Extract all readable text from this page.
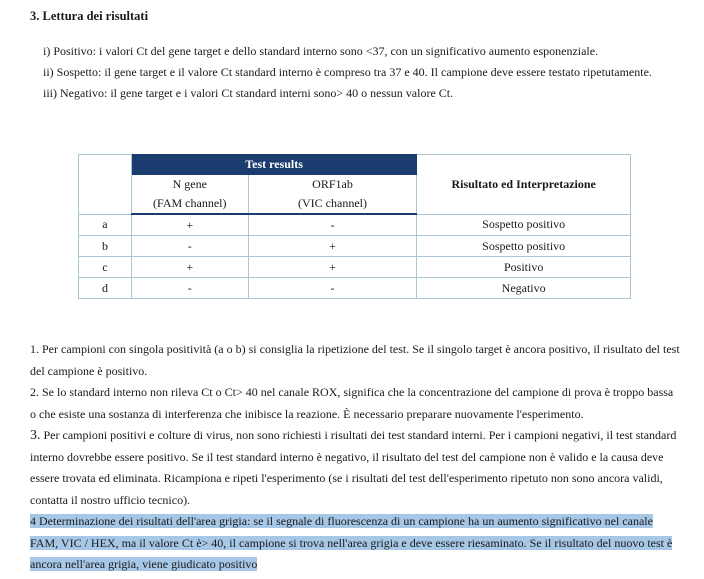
3. Lettura dei risultati
i) Positivo: i valori Ct del gene target e dello standard interno sono <37, con un significativo aumento esponenziale.
ii) Sospetto: il gene target e il valore Ct standard interno è compreso tra 37 e 40. Il campione deve essere testato ripetutamente.
iii) Negativo: il gene target e i valori Ct standard interni sono> 40 o nessun valore Ct.
	Test results		Risultato ed Interpretazione
	N gene	ORF1ab	
	(FAM channel)	(VIC channel)	
a	+	-	Sospetto positivo
b	-	+	Sospetto positivo
c	+	+	Positivo
d	-	-	Negativo

1. Per campioni con singola positività (a o b) si consiglia la ripetizione del test. Se il singolo target è ancora positivo, il risultato del test
del campione è positivo.

2. Se lo standard interno non rileva Ct o Ct> 40 nel canale ROX, significa che la concentrazione del campione di prova è troppo bassa
o che esiste una sostanza di interferenza che inibisce la reazione. È necessario preparare nuovamente l'esperimento.

3. Per campioni positivi e colture di virus, non sono richiesti i risultati dei test standard interni. Per i campioni negativi, il test standard
interno dovrebbe essere positivo. Se il test standard interno è negativo, il risultato del test del campione non è valido e la causa deve
essere trovata ed eliminata. Ricampiona e ripeti l'esperimento (se i risultati del test dell'esperimento ripetuto non sono ancora validi,
contatta il nostro ufficio tecnico).

4 Determinazione dei risultati dell'area grigia: se il segnale di fluorescenza di un campione ha un aumento significativo nel canale
FAM, VIC / HEX, ma il valore Ct è> 40, il campione si trova nell'area grigia e deve essere riesaminato. Se il risultato del nuovo test è
ancora nell'area grigia, viene giudicato positivo
